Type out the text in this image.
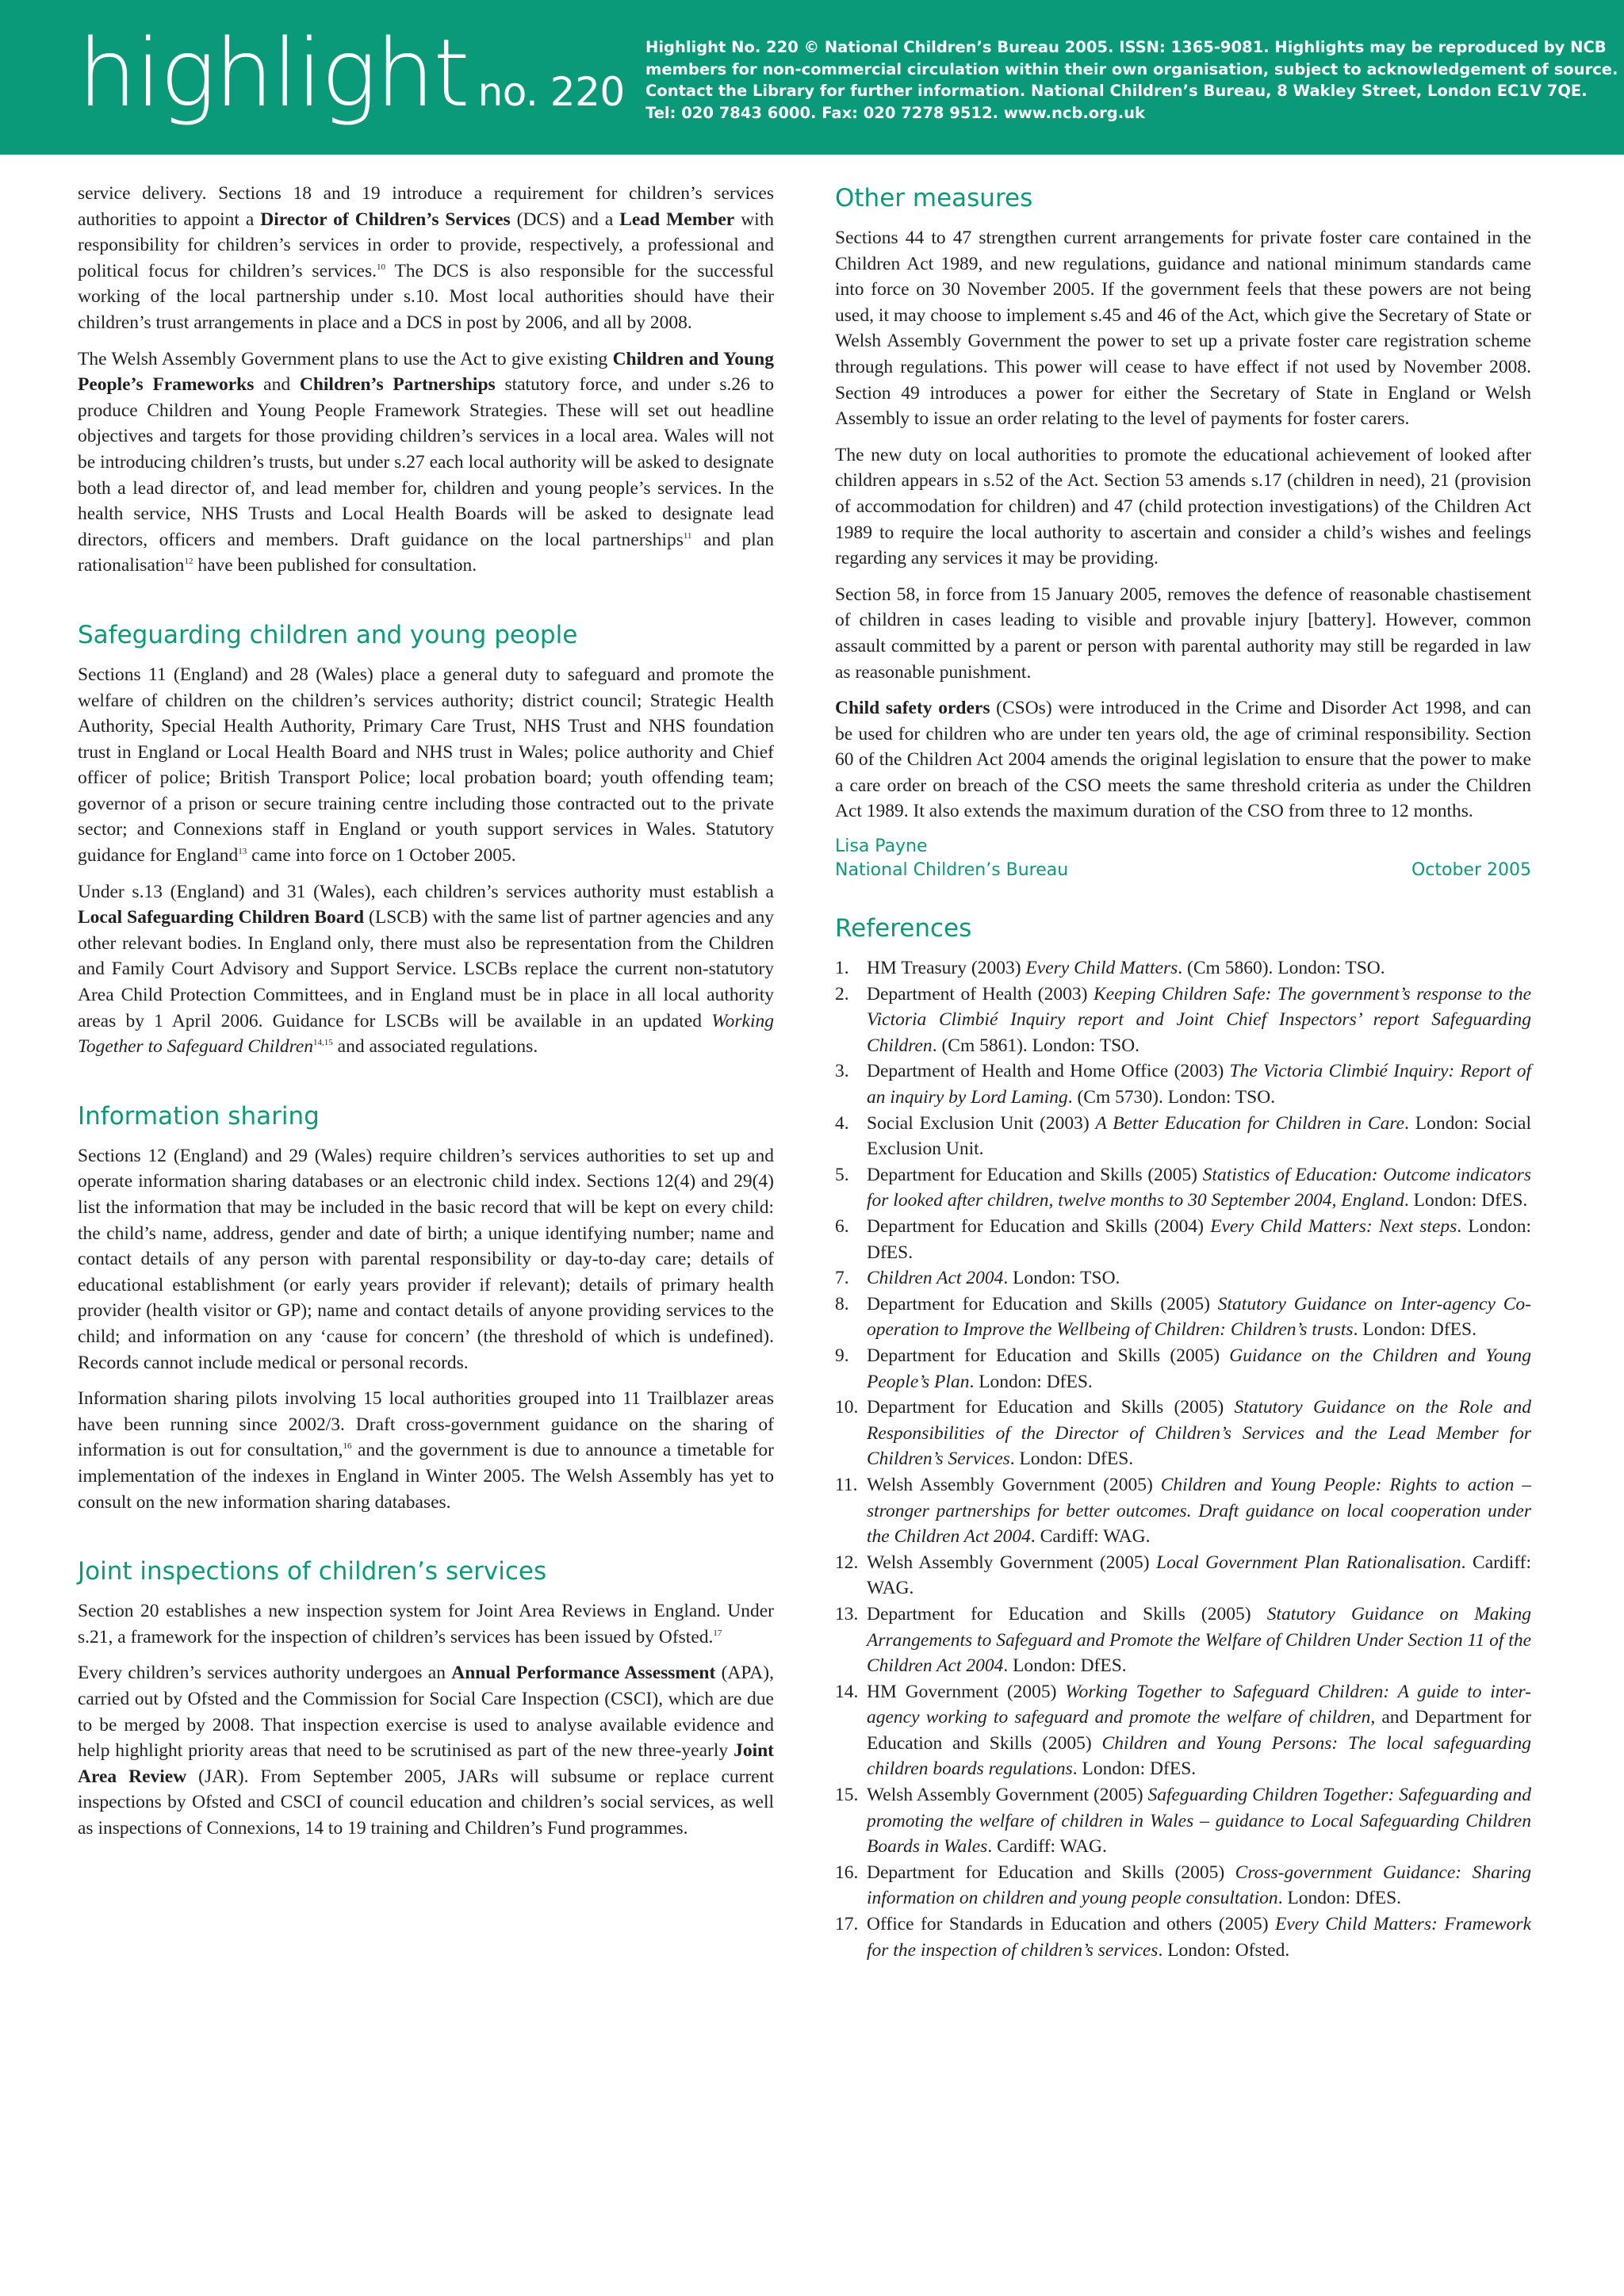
highlight no. 220
Highlight No. 220 © National Children’s Bureau 2005. ISSN: 1365-9081. Highlights may be reproduced by NCB
members for non-commercial circulation within their own organisation, subject to acknowledgement of source.
Contact the Library for further information. National Children’s Bureau, 8 Wakley Street, London EC1V 7QE.
Tel: 020 7843 6000. Fax: 020 7278 9512. www.ncb.org.uk

service delivery. Sections 18 and 19 introduce a requirement for children’s services authorities to appoint a Director of Children’s Services (DCS) and a Lead Member with responsibility for children’s services in order to provide, respectively, a professional and political focus for children’s services.$^{10}$ The DCS is also responsible for the successful working of the local partnership under s.10. Most local authorities should have their children’s trust arrangements in place and a DCS in post by 2006, and all by 2008.

The Welsh Assembly Government plans to use the Act to give existing Children and Young People’s Frameworks and Children’s Partnerships statutory force, and under s.26 to produce Children and Young People Framework Strategies. These will set out headline objectives and targets for those providing children’s services in a local area. Wales will not be introducing children’s trusts, but under s.27 each local authority will be asked to designate both a lead director of, and lead member for, children and young people’s services. In the health service, NHS Trusts and Local Health Boards will be asked to designate lead directors, officers and members. Draft guidance on the local partnerships$^{11}$ and plan rationalisation$^{12}$ have been published for consultation.

Safeguarding children and young people

Sections 11 (England) and 28 (Wales) place a general duty to safeguard and promote the welfare of children on the children’s services authority; district council; Strategic Health Authority, Special Health Authority, Primary Care Trust, NHS Trust and NHS foundation trust in England or Local Health Board and NHS trust in Wales; police authority and Chief officer of police; British Transport Police; local probation board; youth offending team; governor of a prison or secure training centre including those contracted out to the private sector; and Connexions staff in England or youth support services in Wales. Statutory guidance for England$^{13}$ came into force on 1 October 2005.

Under s.13 (England) and 31 (Wales), each children’s services authority must establish a Local Safeguarding Children Board (LSCB) with the same list of partner agencies and any other relevant bodies. In England only, there must also be representation from the Children and Family Court Advisory and Support Service. LSCBs replace the current non-statutory Area Child Protection Committees, and in England must be in place in all local authority areas by 1 April 2006. Guidance for LSCBs will be available in an updated Working Together to Safeguard Children$^{14,15}$ and associated regulations.

Information sharing

Sections 12 (England) and 29 (Wales) require children’s services authorities to set up and operate information sharing databases or an electronic child index. Sections 12(4) and 29(4) list the information that may be included in the basic record that will be kept on every child: the child’s name, address, gender and date of birth; a unique identifying number; name and contact details of any person with parental responsibility or day-to-day care; details of educational establishment (or early years provider if relevant); details of primary health provider (health visitor or GP); name and contact details of anyone providing services to the child; and information on any ‘cause for concern’ (the threshold of which is undefined). Records cannot include medical or personal records.

Information sharing pilots involving 15 local authorities grouped into 11 Trailblazer areas have been running since 2002/3. Draft cross-government guidance on the sharing of information is out for consultation,$^{16}$ and the government is due to announce a timetable for implementation of the indexes in England in Winter 2005. The Welsh Assembly has yet to consult on the new information sharing databases.

Joint inspections of children’s services

Section 20 establishes a new inspection system for Joint Area Reviews in England. Under s.21, a framework for the inspection of children’s services has been issued by Ofsted.$^{17}$

Every children’s services authority undergoes an Annual Performance Assessment (APA), carried out by Ofsted and the Commission for Social Care Inspection (CSCI), which are due to be merged by 2008. That inspection exercise is used to analyse available evidence and help highlight priority areas that need to be scrutinised as part of the new three-yearly Joint Area Review (JAR). From September 2005, JARs will subsume or replace current inspections by Ofsted and CSCI of council education and children’s social services, as well as inspections of Connexions, 14 to 19 training and Children’s Fund programmes.

Other measures

Sections 44 to 47 strengthen current arrangements for private foster care contained in the Children Act 1989, and new regulations, guidance and national minimum standards came into force on 30 November 2005. If the government feels that these powers are not being used, it may choose to implement s.45 and 46 of the Act, which give the Secretary of State or Welsh Assembly Government the power to set up a private foster care registration scheme through regulations. This power will cease to have effect if not used by November 2008. Section 49 introduces a power for either the Secretary of State in England or Welsh Assembly to issue an order relating to the level of payments for foster carers.

The new duty on local authorities to promote the educational achievement of looked after children appears in s.52 of the Act. Section 53 amends s.17 (children in need), 21 (provision of accommodation for children) and 47 (child protection investigations) of the Children Act 1989 to require the local authority to ascertain and consider a child’s wishes and feelings regarding any services it may be providing.

Section 58, in force from 15 January 2005, removes the defence of reasonable chastisement of children in cases leading to visible and provable injury [battery]. However, common assault committed by a parent or person with parental authority may still be regarded in law as reasonable punishment.

Child safety orders (CSOs) were introduced in the Crime and Disorder Act 1998, and can be used for children who are under ten years old, the age of criminal responsibility. Section 60 of the Children Act 2004 amends the original legislation to ensure that the power to make a care order on breach of the CSO meets the same threshold criteria as under the Children Act 1989. It also extends the maximum duration of the CSO from three to 12 months.

Lisa Payne
National Children’s Bureau	October 2005
References
1. HM Treasury (2003) Every Child Matters. (Cm 5860). London: TSO.
2. Department of Health (2003) Keeping Children Safe: The government’s response to the Victoria Climbié Inquiry report and Joint Chief Inspectors’ report Safeguarding Children. (Cm 5861). London: TSO.
3. Department of Health and Home Office (2003) The Victoria Climbié Inquiry: Report of an inquiry by Lord Laming. (Cm 5730). London: TSO.
4. Social Exclusion Unit (2003) A Better Education for Children in Care. London: Social Exclusion Unit.
5. Department for Education and Skills (2005) Statistics of Education: Outcome indicators for looked after children, twelve months to 30 September 2004, England. London: DfES.
6. Department for Education and Skills (2004) Every Child Matters: Next steps. London: DfES.
7. Children Act 2004. London: TSO.
8. Department for Education and Skills (2005) Statutory Guidance on Inter-agency Co-operation to Improve the Wellbeing of Children: Children’s trusts. London: DfES.
9. Department for Education and Skills (2005) Guidance on the Children and Young People’s Plan. London: DfES.
10. Department for Education and Skills (2005) Statutory Guidance on the Role and Responsibilities of the Director of Children’s Services and the Lead Member for Children’s Services. London: DfES.
11. Welsh Assembly Government (2005) Children and Young People: Rights to action – stronger partnerships for better outcomes. Draft guidance on local cooperation under the Children Act 2004. Cardiff: WAG.
12. Welsh Assembly Government (2005) Local Government Plan Rationalisation. Cardiff: WAG.
13. Department for Education and Skills (2005) Statutory Guidance on Making Arrangements to Safeguard and Promote the Welfare of Children Under Section 11 of the Children Act 2004. London: DfES.
14. HM Government (2005) Working Together to Safeguard Children: A guide to inter-agency working to safeguard and promote the welfare of children, and Department for Education and Skills (2005) Children and Young Persons: The local safeguarding children boards regulations. London: DfES.
15. Welsh Assembly Government (2005) Safeguarding Children Together: Safeguarding and promoting the welfare of children in Wales – guidance to Local Safeguarding Children Boards in Wales. Cardiff: WAG.
16. Department for Education and Skills (2005) Cross-government Guidance: Sharing information on children and young people consultation. London: DfES.
17. Office for Standards in Education and others (2005) Every Child Matters: Framework for the inspection of children’s services. London: Ofsted.
